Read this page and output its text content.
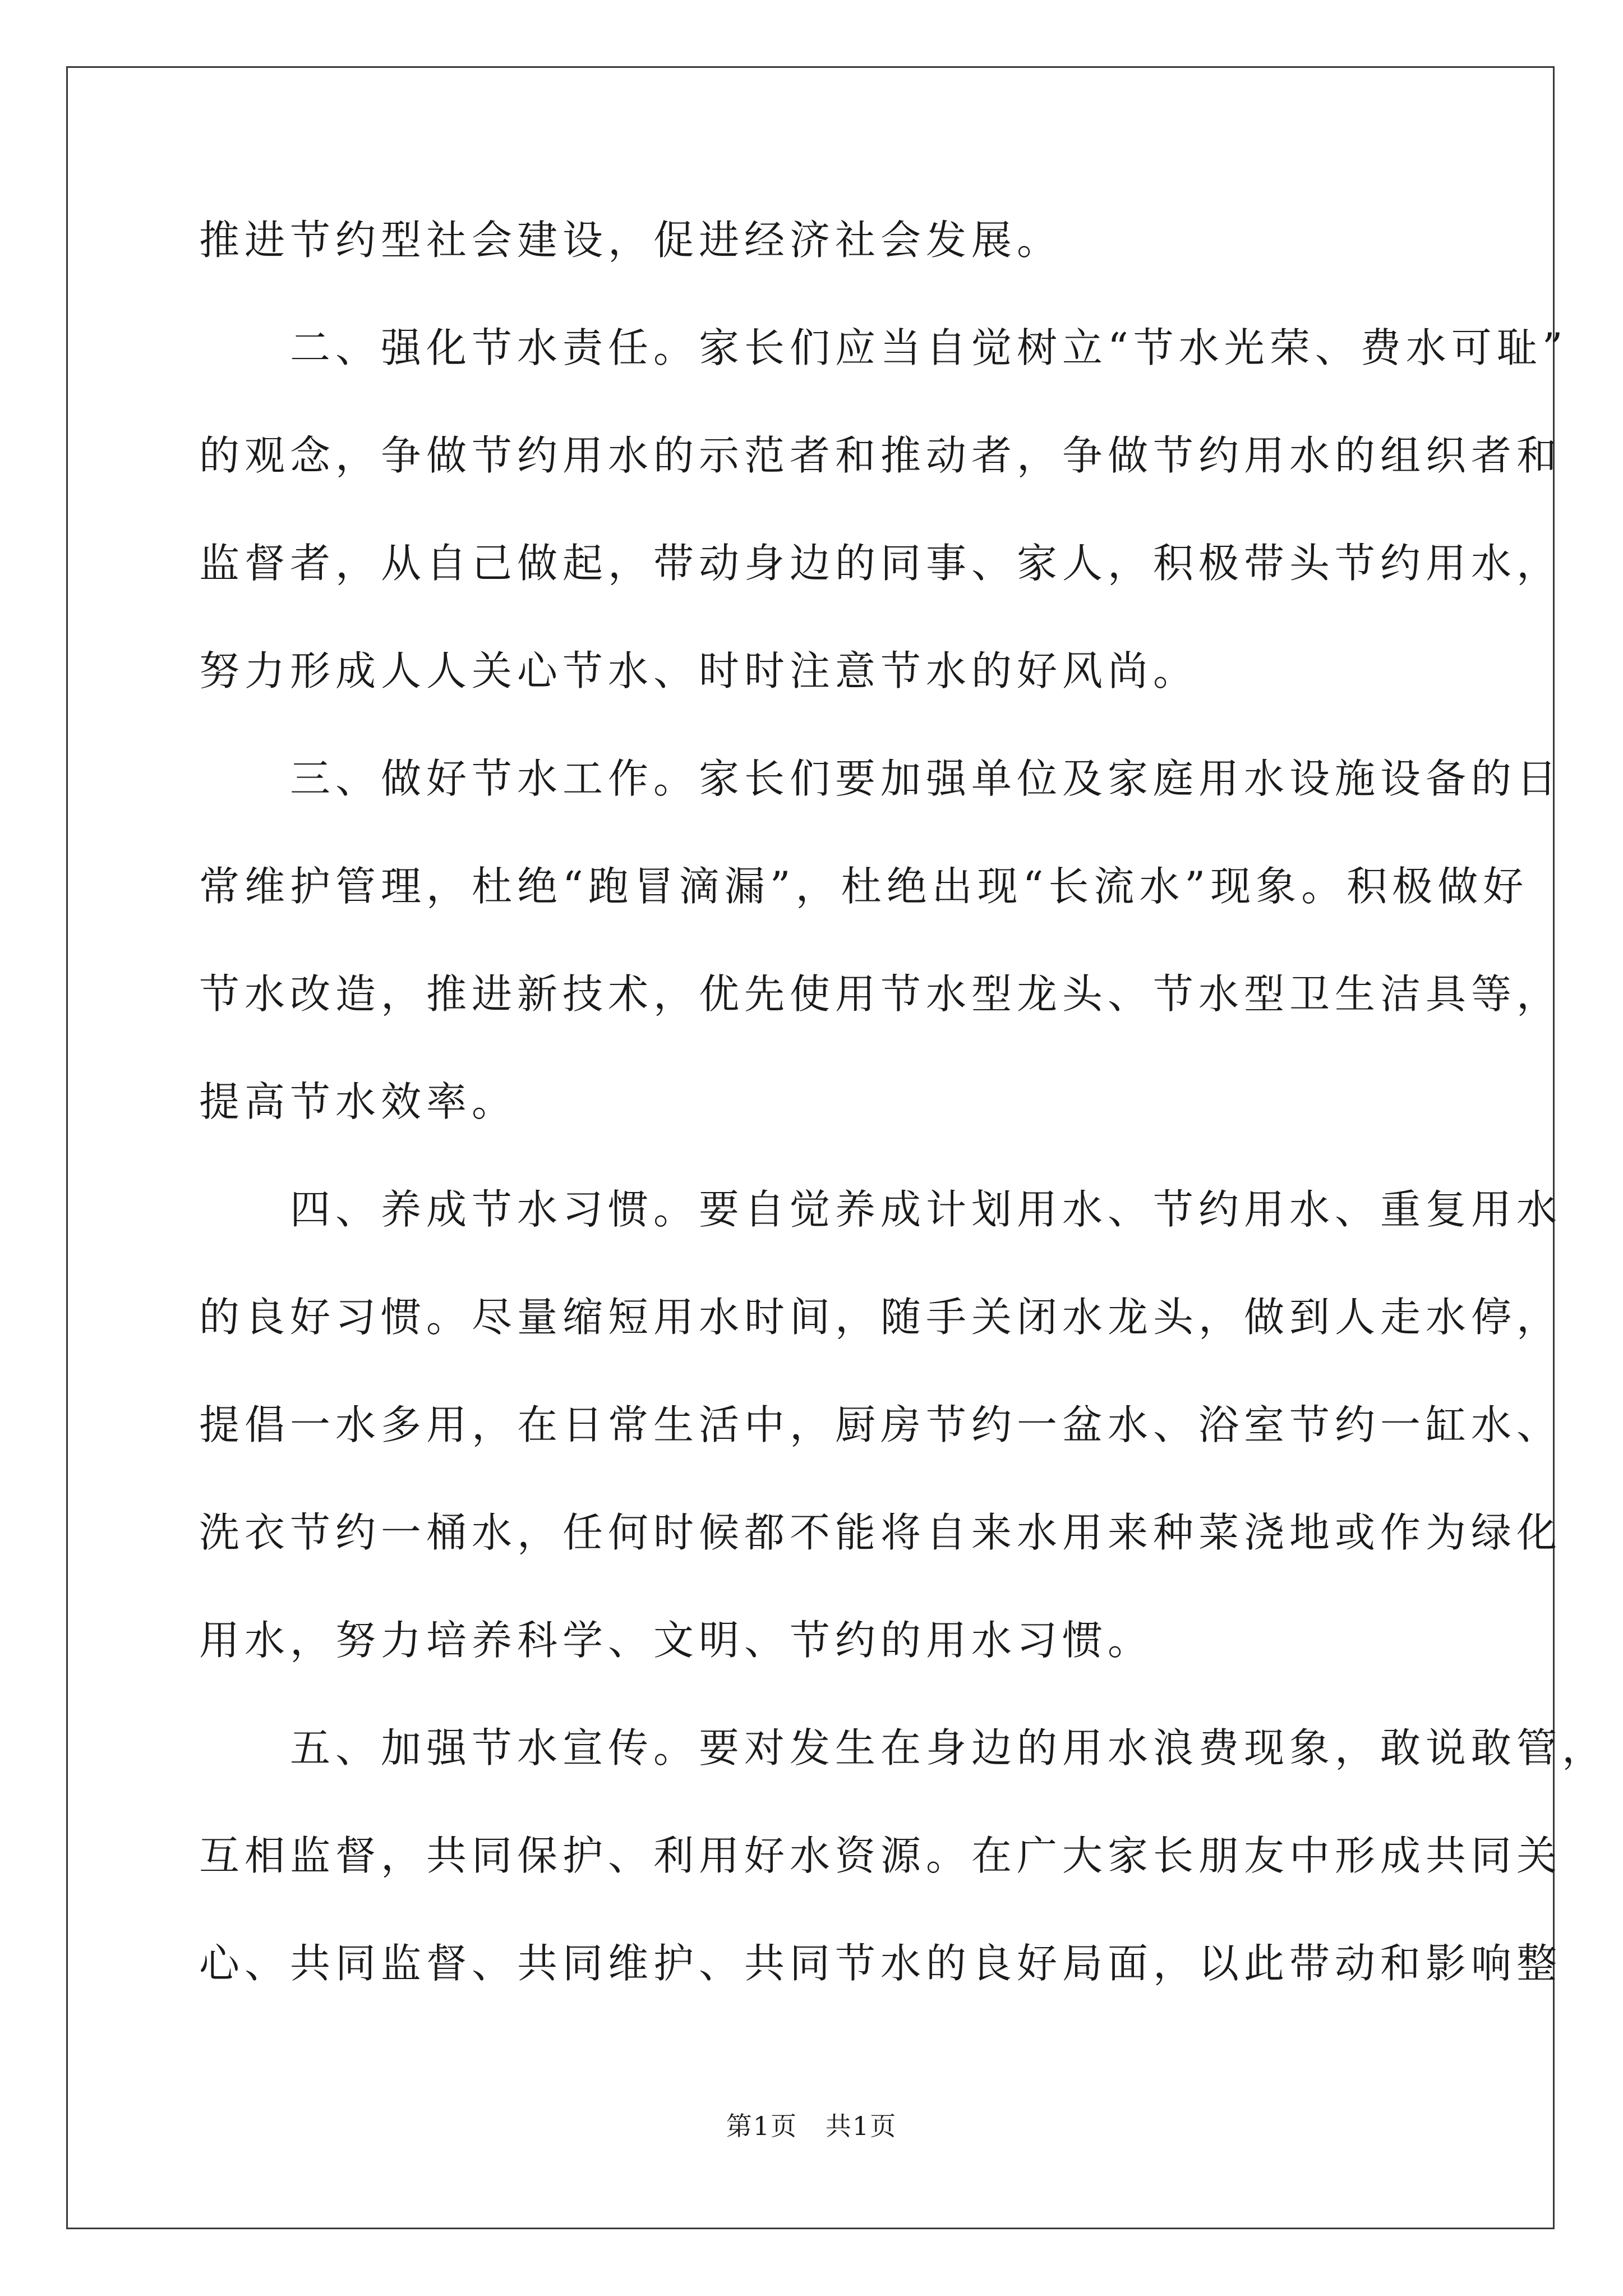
推进节约型社会建设，促进经济社会发展。
　　二、强化节水责任。家长们应当自觉树立“节水光荣、费水可耻”
的观念，争做节约用水的示范者和推动者，争做节约用水的组织者和
监督者，从自己做起，带动身边的同事、家人，积极带头节约用水，
努力形成人人关心节水、时时注意节水的好风尚。
　　三、做好节水工作。家长们要加强单位及家庭用水设施设备的日
常维护管理，杜绝“跑冒滴漏”，杜绝出现“长流水”现象。积极做好
节水改造，推进新技术，优先使用节水型龙头、节水型卫生洁具等，
提高节水效率。
　　四、养成节水习惯。要自觉养成计划用水、节约用水、重复用水
的良好习惯。尽量缩短用水时间，随手关闭水龙头，做到人走水停，
提倡一水多用，在日常生活中，厨房节约一盆水、浴室节约一缸水、
洗衣节约一桶水，任何时候都不能将自来水用来种菜浇地或作为绿化
用水，努力培养科学、文明、节约的用水习惯。
　　五、加强节水宣传。要对发生在身边的用水浪费现象，敢说敢管，
互相监督，共同保护、利用好水资源。在广大家长朋友中形成共同关
心、共同监督、共同维护、共同节水的良好局面，以此带动和影响整
第1页   共1页
